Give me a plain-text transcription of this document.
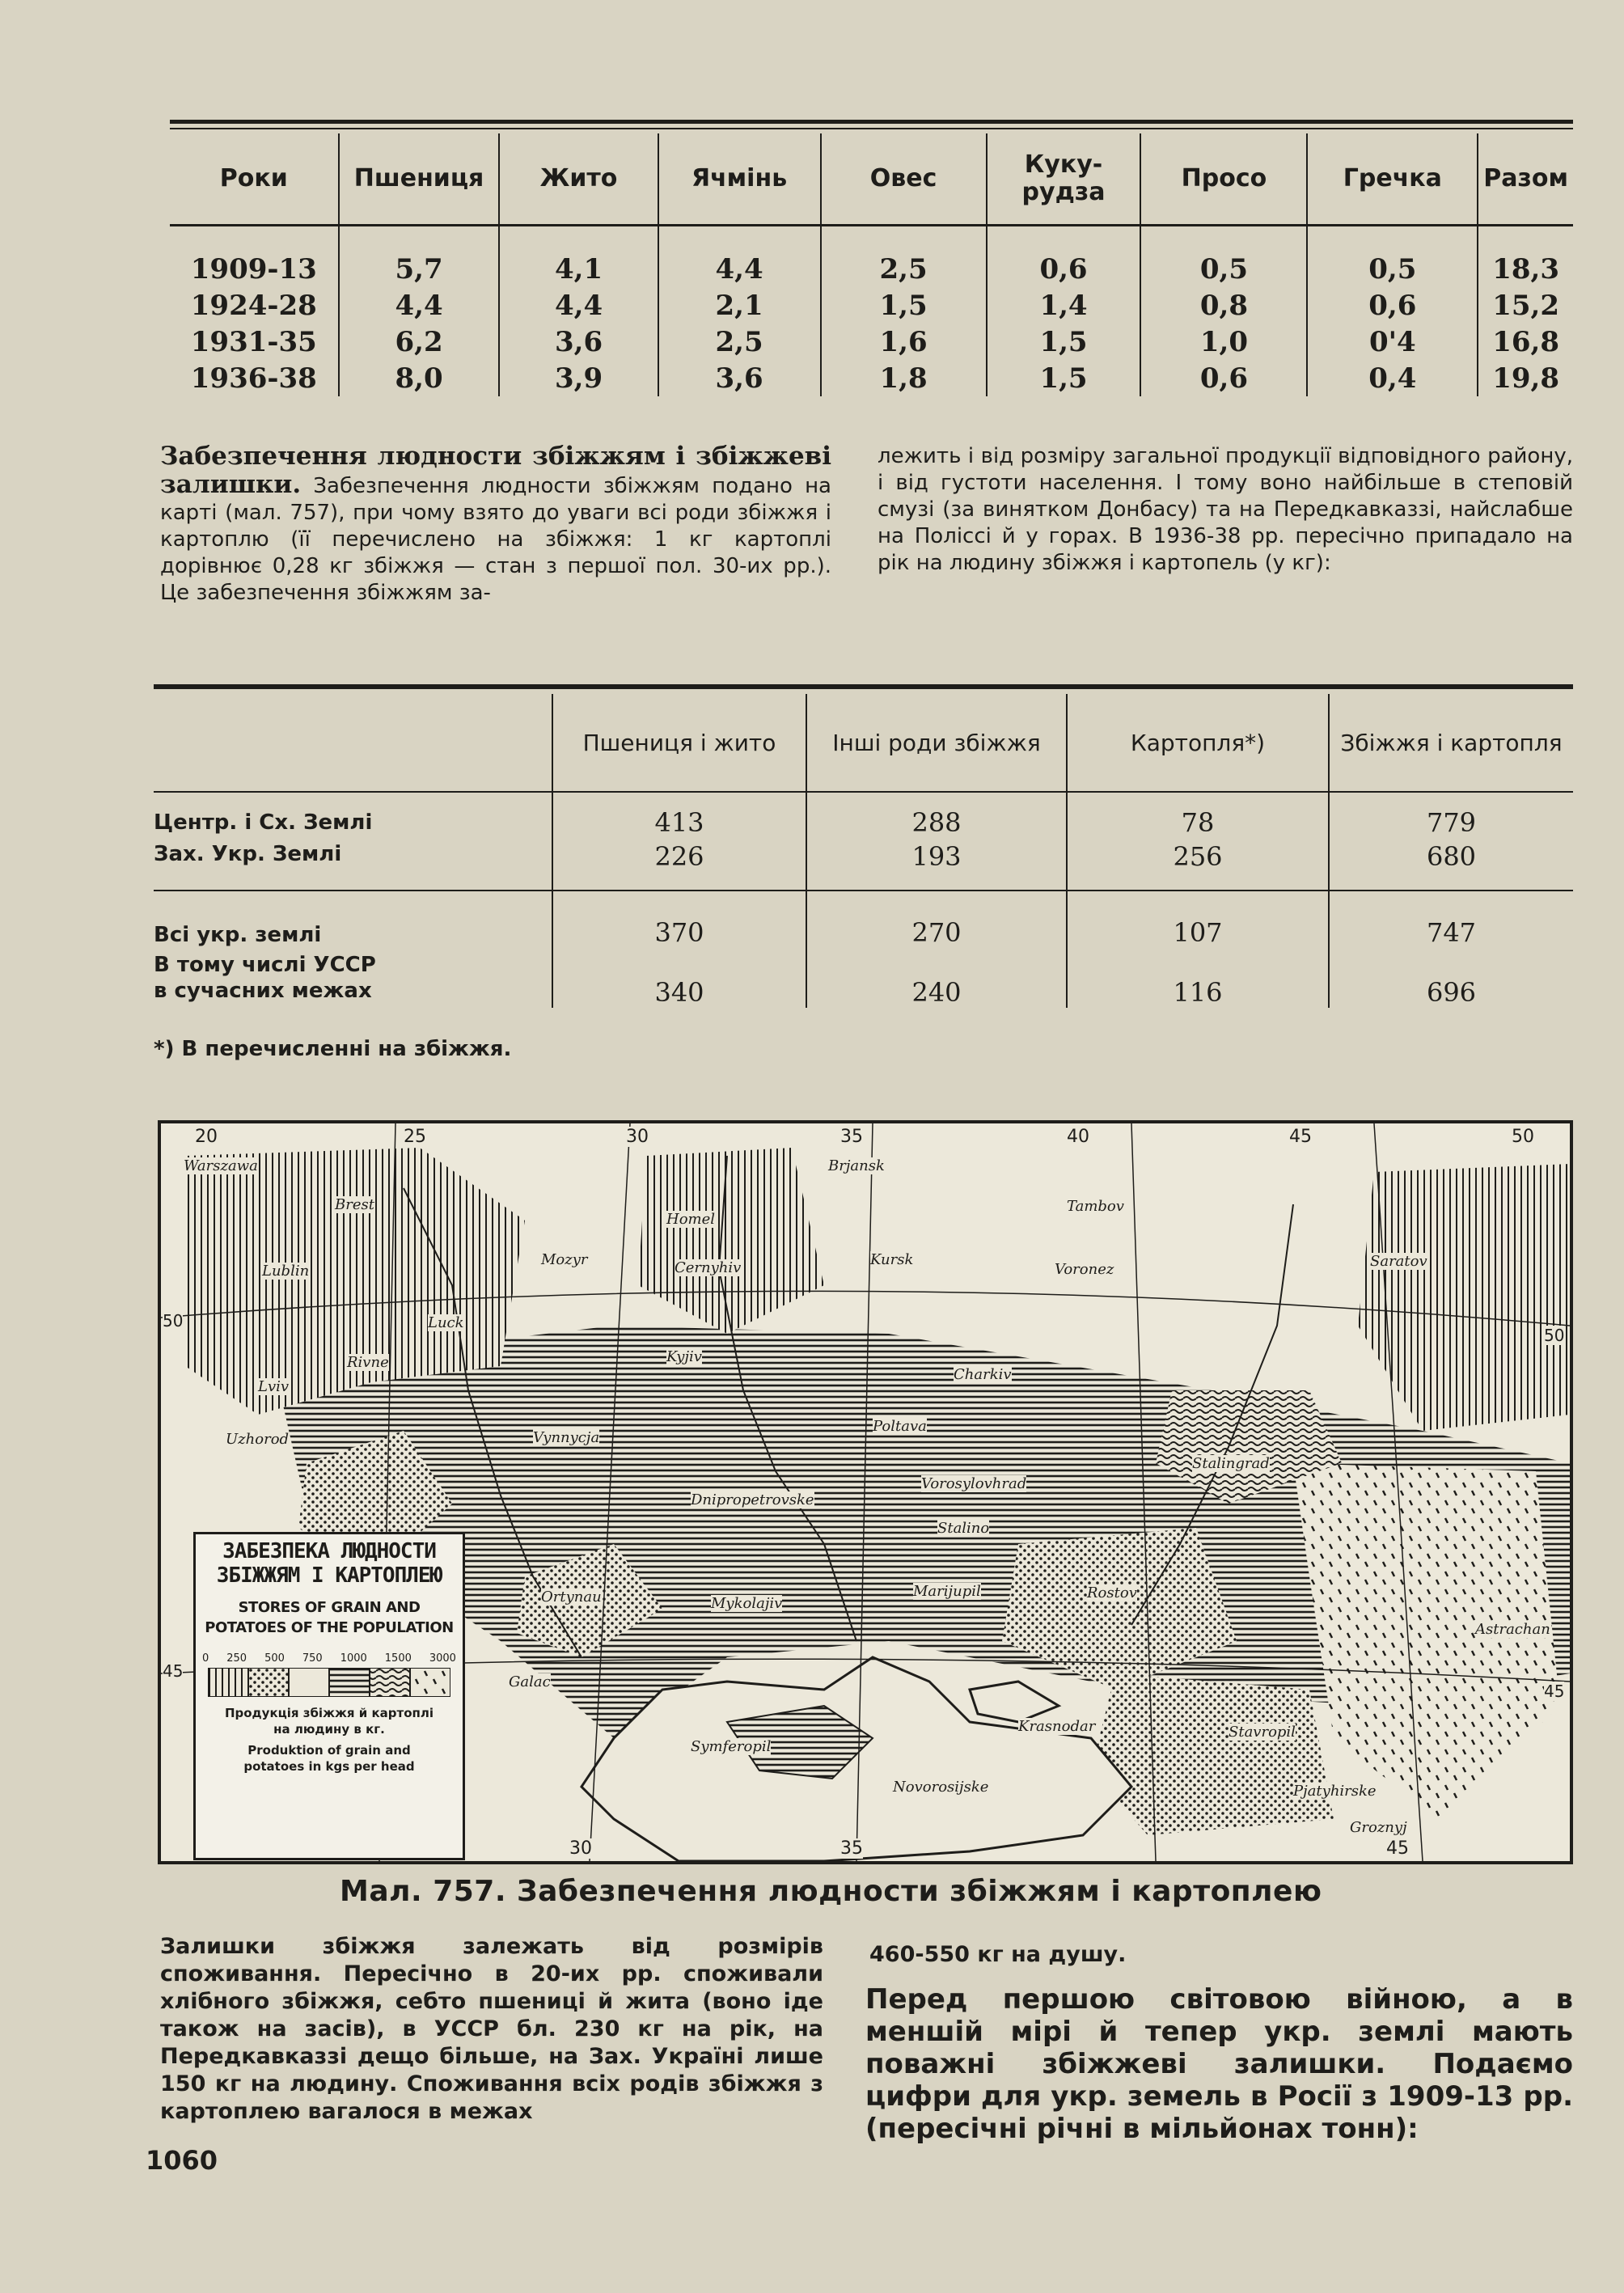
Роки	Пшениця	Жито	Ячмінь	Овес	Куку-рудза	Просо	Гречка	Разом
1909-13	5,7	4,1	4,4	2,5	0,6	0,5	0,5	18,3
1924-28	4,4	4,4	2,1	1,5	1,4	0,8	0,6	15,2
1931-35	6,2	3,6	2,5	1,6	1,5	1,0	0'4	16,8
1936-38	8,0	3,9	3,6	1,8	1,5	0,6	0,4	19,8
Забезпечення людности збіжжям і збіжжеві залишки. Забезпечення людности збіжжям подано на карті (мал. 757), при чому взято до уваги всі роди збіжжя і картоплю (її перечислено на збіжжя: 1 кг картоплі дорівнює 0,28 кг збіжжя — стан з першої пол. 30-их рр.). Це забезпечення збіжжям за-
лежить і від розміру загальної продукції відповідного району, і від густоти населення. І тому воно найбільше в степовій смузі (за винятком Донбасу) та на Передкавказзі, найслабше на Поліссі й у горах. В 1936-38 рр. пересічно припадало на рік на людину збіжжя і картопель (у кг):
	Пшениця і жито	Інші роди збіжжя	Картопля*)	Збіжжя і картопля
Центр. і Сх. Землі	413	288	78	779
Зах. Укр. Землі	226	193	256	680
Всі укр. землі	370	270	107	747
В тому числі УССР в сучасних межах	340	240	116	696
*) В перечисленні на збіжжя.
20	25	30	35	40	45	50
30	35	45
50
45
50
45
Warszawa
Brest
Homel
Brjansk
Tambov
Saratov
Lublin
Mozyr	Cernyhiv	Kursk
Voronez
Luck
Rivne	Kyjiv
Charkiv
Lviv
Vynnycja
Poltava
Stalingrad
Uzhorod
Dnipropetrovske
Vorosylovhrad
Stalino
Ortynau	Mykolajiv
Marijupil	Rostov
Astrachan
Galac
Symferopil
Krasnodar	Stavropil
Novorosijske	Pjatyhirske
Groznyj
ЗАБЕЗПЕКА ЛЮДНОСТИ
ЗБІЖЖЯМ І КАРТОПЛЕЮ
STORES OF GRAIN AND
POTATOES OF THE POPULATION
0 250 500 750 1000 1500 3000
Продукція збіжжя й картоплі
на людину в кг.
Produktion of grain and
potatoes in kgs per head
Мал. 757. Забезпечення людности збіжжям і картоплею
Залишки збіжжя залежать від розмірів споживання. Пересічно в 20-их рр. споживали хлібного збіжжя, себто пшениці й жита (воно іде також на засів), в УССР бл. 230 кг на рік, на Передкавказзі дещо більше, на Зах. Україні лише 150 кг на людину. Споживання всіх родів збіжжя з картоплею вагалося в межах
460-550 кг на душу.
Перед першою світовою війною, а в меншій мірі й тепер укр. землі мають поважні збіжжеві залишки. Подаємо цифри для укр. земель в Росії з 1909-13 рр. (пересічні річні в мільйонах тонн):
1060
